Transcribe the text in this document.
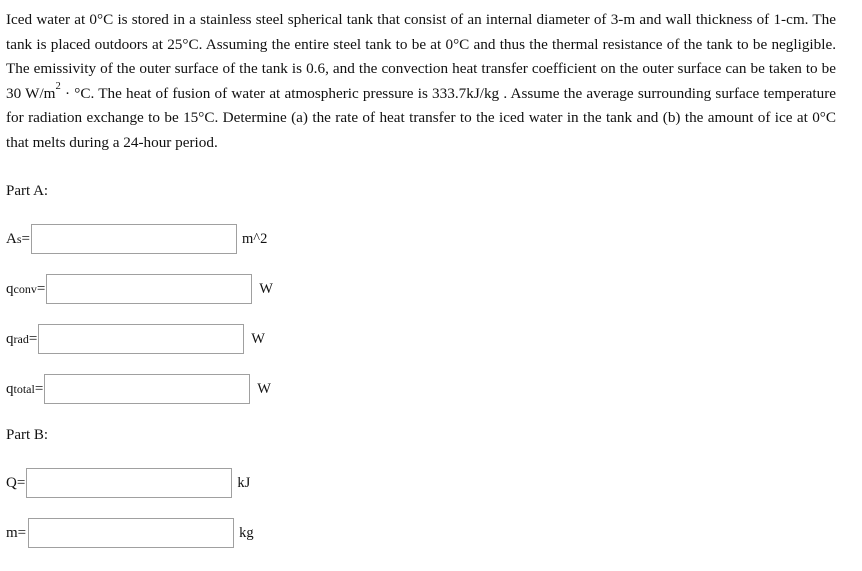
Iced water at 0°C is stored in a stainless steel spherical tank that consist of an internal diameter of 3-m and wall thickness of 1-cm. The tank is placed outdoors at 25°C. Assuming the entire steel tank to be at 0°C and thus the thermal resistance of the tank to be negligible. The emissivity of the outer surface of the tank is 0.6, and the convection heat transfer coefficient on the outer surface can be taken to be 30 $W/m^2 \cdot ^\circ C$. The heat of fusion of water at atmospheric pressure is 333.7kJ/kg . Assume the average surrounding surface temperature for radiation exchange to be 15°C. Determine (a) the rate of heat transfer to the iced water in the tank and (b) the amount of ice at 0°C that melts during a 24-hour period.
Part A:
A s =	m^2
q conv =	W
q rad =	W
q total =	W
Part B:
Q =	kJ
m =	kg
